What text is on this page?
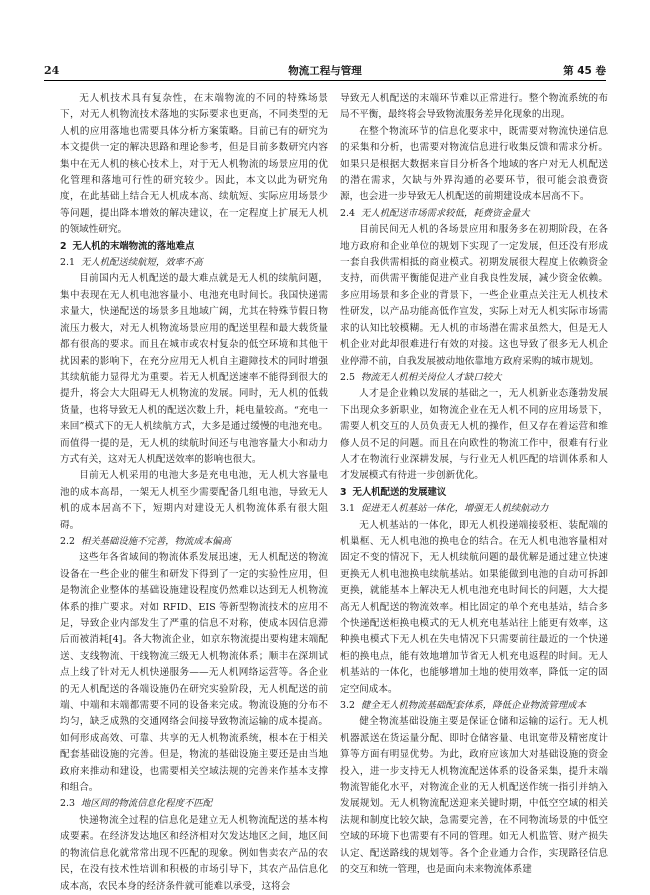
24	物流工程与管理	第 45 卷

无人机技术具有复杂性，在末端物流的不同的特殊场景下，对无人机物流技术落地的实际要求也更高，不同类型的无人机的应用落地也需要具体分析方案策略。目前已有的研究为本文提供一定的解决思路和理论参考，但是目前多数研究内容集中在无人机的核心技术上，对于无人机物流的场景应用的优化管理和落地可行性的研究较少。因此，本文以此为研究角度，在此基础上结合无人机成本高、续航短、实际应用场景少等问题，提出降本增效的解决建议，在一定程度上扩展无人机的领域性研究。

2 无人机的末端物流的落地难点
2.1 无人机配送续航短，效率不高

目前国内无人机配送的最大难点就是无人机的续航问题，集中表现在无人机电池容量小、电池充电时间长。我国快递需求量大，快递配送的场景多且地域广阔，尤其在特殊节假日物流压力极大，对无人机物流场景应用的配送里程和最大载货量都有很高的要求。而且在城市或农村复杂的低空环境和其他干扰因素的影响下，在充分应用无人机自主避障技术的同时增强其续航能力显得尤为重要。若无人机配送速率不能得到很大的提升，将会大大阻碍无人机物流的发展。同时，无人机的低载货量，也将导致无人机的配送次数上升，耗电量较高。“充电一来回”模式下的无人机续航方式，大多是通过缓慢的电池充电。而值得一提的是，无人机的续航时间还与电池容量大小和动力方式有关，这对无人机配送效率的影响也很大。

目前无人机采用的电池大多是充电电池，无人机大容量电池的成本高昂，一架无人机至少需要配备几组电池，导致无人机的成本居高不下，短期内对建设无人机物流体系有很大阻碍。

2.2 相关基础设施不完善，物流成本偏高

这些年各省域间的物流体系发展迅速，无人机配送的物流设备在一些企业的催生和研发下得到了一定的实验性应用，但是物流企业整体的基础设施建设程度仍然难以达到无人机物流体系的推广要求。对如 RFID、EIS 等新型物流技术的应用不足，导致企业内部发生了严重的信息不对称，使成本因信息滞后而被消耗[4]。各大物流企业，如京东物流提出要构建末端配送、支线物流、干线物流三级无人机物流体系；顺丰在深圳试点上线了针对无人机快递服务——无人机网络运营等。各企业的无人机配送的各端设施仍在研究实验阶段，无人机配送的前端、中端和末端都需要不同的设备来完成。物流设施的分布不均匀，缺乏成熟的交通网络会间接导致物流运输的成本提高。如何形成高效、可靠、共享的无人机物流系统，根本在于相关配套基础设施的完善。但是，物流的基础设施主要还是由当地政府来推动和建设，也需要相关空域法规的完善来作基本支撑和组合。

2.3 地区间的物流信息化程度不匹配

快递物流全过程的信息化是建立无人机物流配送的基本构成要素。在经济发达地区和经济相对欠发达地区之间，地区间的物流信息化就常常出现不匹配的现象。例如售卖农产品的农民，在没有技术性培训和积极的市场引导下，其农产品信息化成本高，农民本身的经济条件就可能难以承受，这将会

导致无人机配送的末端环节难以正常进行。整个物流系统的布局不平衡，最终将会导致物流服务差异化现象的出现。

在整个物流环节的信息化要求中，既需要对物流快递信息的采集和分析，也需要对物流信息进行收集反馈和需求分析。如果只是根据大数据来盲目分析各个地域的客户对无人机配送的潜在需求，欠缺与外界沟通的必要环节，很可能会浪费资源，也会进一步导致无人机配送的前期建设成本居高不下。

2.4 无人机配送市场需求较低，耗费资金量大

目前民间无人机的各场景应用和服务多在初期阶段，在各地方政府和企业单位的规划下实现了一定发展，但还没有形成一套自我供需相抵的商业模式。初期发展很大程度上依赖资金支持，而供需平衡能促进产业自我良性发展，减少资金依赖。多应用场景和多企业的背景下，一些企业重点关注无人机技术性研发，以产品功能高低作宣发，实际上对无人机实际市场需求的认知比较模糊。无人机的市场潜在需求虽然大，但是无人机企业对此却很难进行有效的对接。这也导致了很多无人机企业停滞不前，自我发展被动地依靠地方政府采购的城市规划。

2.5 物流无人机相关岗位人才缺口较大

人才是企业赖以发展的基础之一，无人机新业态蓬勃发展下出现众多新职业，如物流企业在无人机不同的应用场景下，需要人机交互的人员负责无人机的操作，但又存在着运营和维修人员不足的问题。而且在向欧性的物流工作中，很难有行业人才在物流行业深耕发展，与行业无人机匹配的培训体系和人才发展模式有待进一步创新优化。

3 无人机配送的发展建议
3.1 促进无人机基站一体化，增强无人机续航动力

无人机基站的一体化，即无人机投递端接驳柜、装配端的机巢框、无人机电池的换电仓的结合。在无人机电池容量相对固定不变的情况下，无人机续航问题的最优解是通过建立快速更换无人机电池换电续航基站。如果能做到电池的自动可拆卸更换，就能基本上解决无人机电池充电时间长的问题，大大提高无人机配送的物流效率。相比固定的单个充电基站，结合多个快递配送柜换电模式的无人机充电基站往上能更有效率，这种换电模式下无人机在失电情况下只需要前往最近的一个快递柜的换电点，能有效地增加节省无人机充电返程的时间。无人机基站的一体化，也能够增加土地的使用效率，降低一定的固定空间成本。

3.2 健全无人机物流基础配套体系，降低企业物流管理成本

健全物流基础设施主要是保证仓储和运输的运行。无人机机器派送在货运量分配、即时仓储容量、电讯宽带及精密度计算等方面有明显优势。为此，政府应该加大对基础设施的资金投入，进一步支持无人机物流配送体系的设备采集，提升末端物流智能化水平，对物流企业的无人机配送作统一指引并纳入发展规划。无人机物流配送迎来关键时期，中低空空域的相关法规和制度比较欠缺，急需要完善，在不同物流场景的中低空空域的环境下也需要有不同的管理。如无人机监管、财产损失认定、配送路线的规划等。各个企业通力合作，实现路径信息的交互和统一管理，也是面向未来物流体系建
